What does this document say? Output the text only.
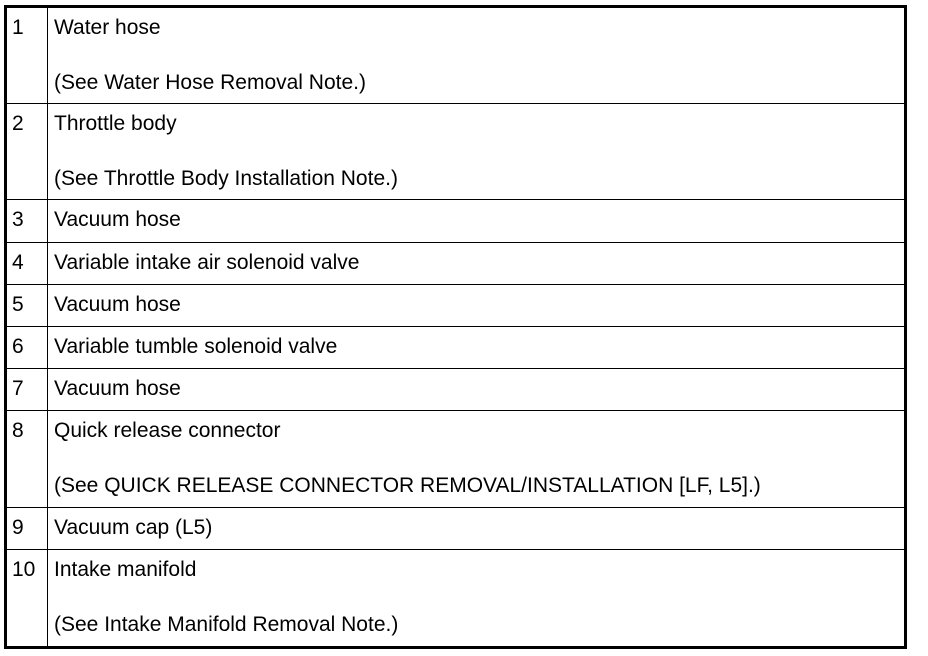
1	Water hose
(See Water Hose Removal Note.)
2	Throttle body
(See Throttle Body Installation Note.)
3	Vacuum hose
4	Variable intake air solenoid valve
5	Vacuum hose
6	Variable tumble solenoid valve
7	Vacuum hose
8	Quick release connector
(See QUICK RELEASE CONNECTOR REMOVAL/INSTALLATION [LF, L5].)
9	Vacuum cap (L5)
10 Intake manifold
(See Intake Manifold Removal Note.)
